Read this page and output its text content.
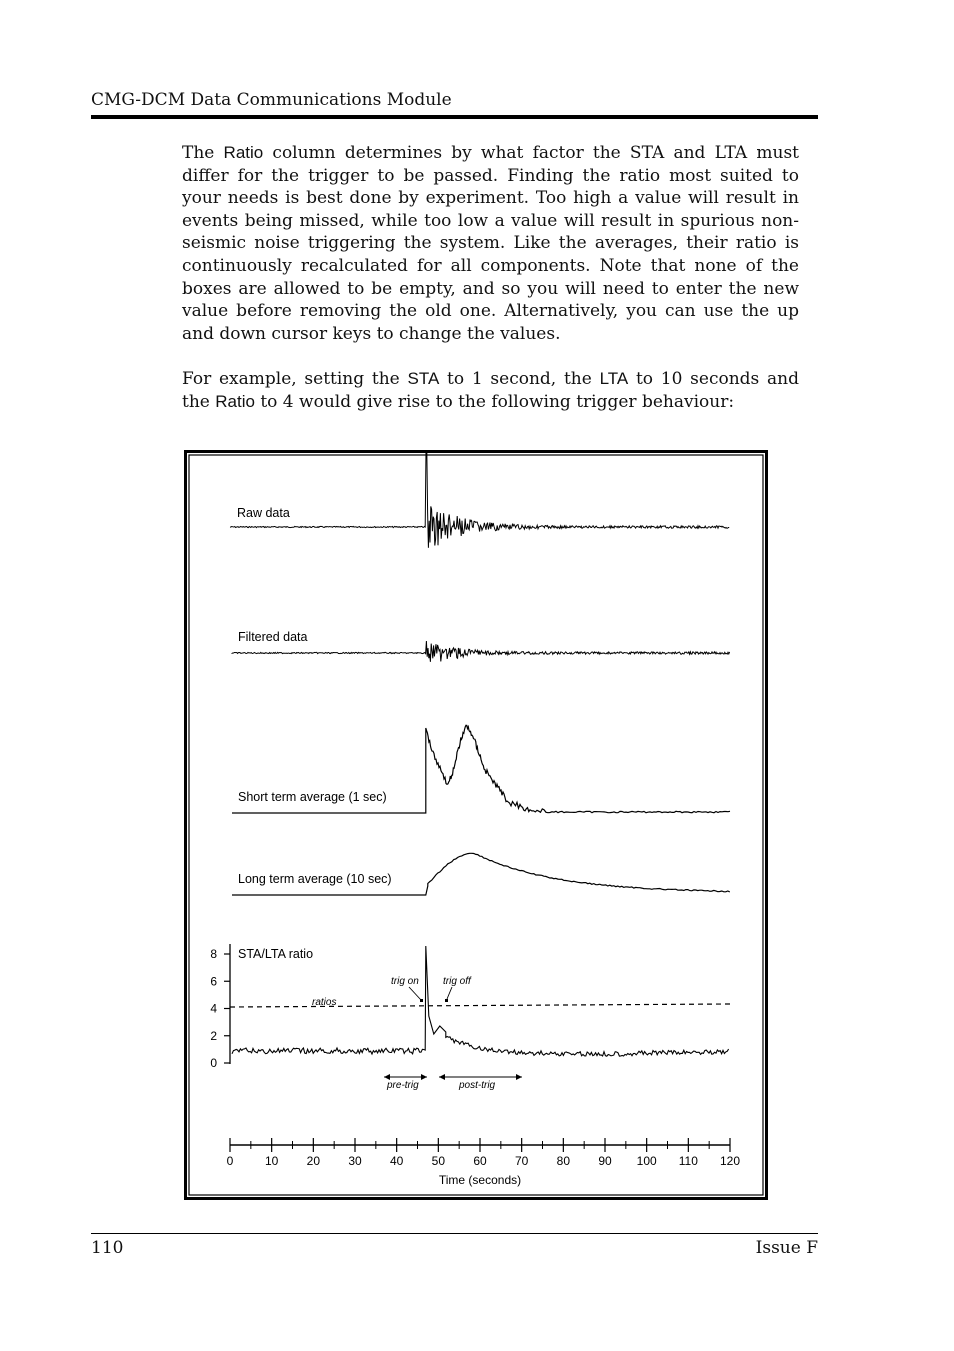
CMG-DCM Data Communications Module
The Ratio column determines by what factor the STA and LTA must differ for the trigger to be passed. Finding the ratio most suited to your needs is best done by experiment. Too high a value will result in events being missed, while too low a value will result in spurious non-seismic noise triggering the system. Like the averages, their ratio is continuously recalculated for all components. Note that none of the boxes are allowed to be empty, and so you will need to enter the new value before removing the old one. Alternatively, you can use the up and down cursor keys to change the values.
For example, setting the STA to 1 second, the LTA to 10 seconds and the Ratio to 4 would give rise to the following trigger behaviour:
Raw data
Filtered data
Short term average (1 sec)
Long term average (10 sec)
STA/LTA ratio
8
6
4
2
0
ratios
trig on trig off
pre-trig	post-trig
0	10 20 30 40 50 60 70 80 90 100 110 120
Time (seconds)
110	Issue F
